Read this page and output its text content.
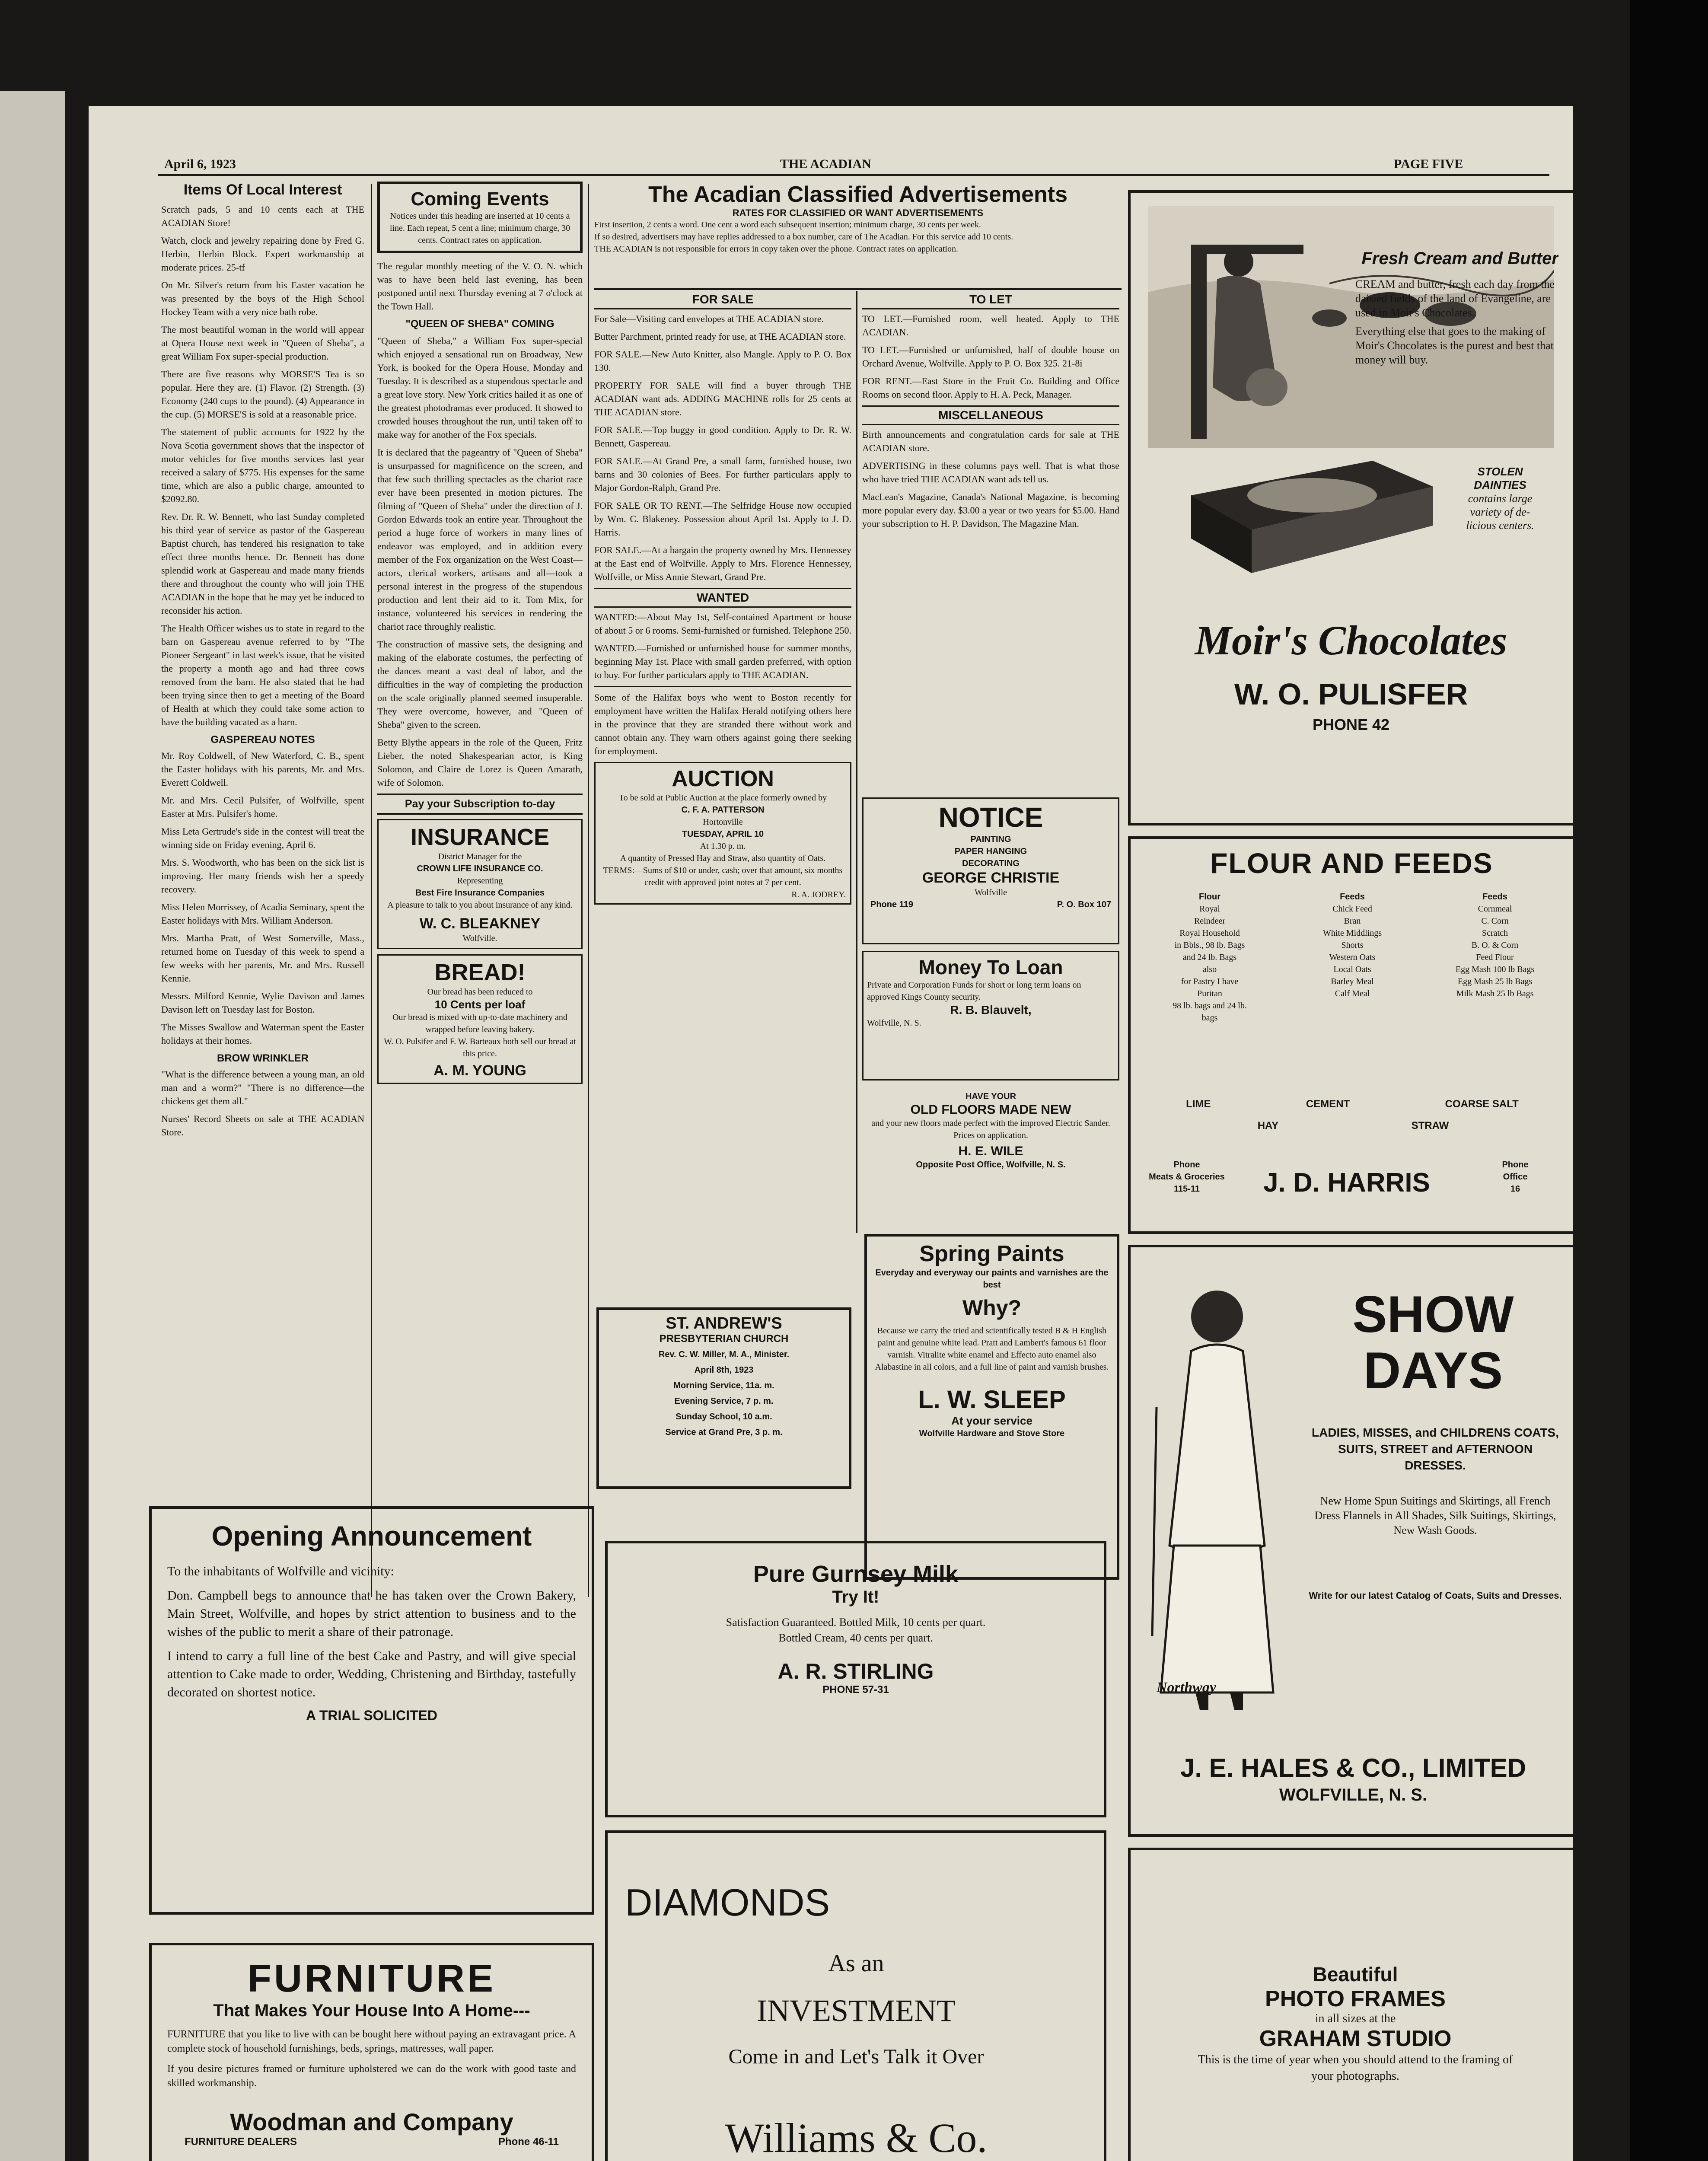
April 6, 1923	THE ACADIAN	PAGE FIVE
Items Of Local Interest

Scratch pads, 5 and 10 cents each at THE ACADIAN Store!

Watch, clock and jewelry repairing done by Fred G. Herbin, Herbin Block. Expert workmanship at moderate prices. 25-tf

On Mr. Silver's return from his Easter vacation he was presented by the boys of the High School Hockey Team with a very nice bath robe.

The most beautiful woman in the world will appear at Opera House next week in "Queen of Sheba", a great William Fox super-special production.

There are five reasons why MORSE'S Tea is so popular. Here they are. (1) Flavor. (2) Strength. (3) Economy (240 cups to the pound). (4) Appearance in the cup. (5) MORSE'S is sold at a reasonable price.

The statement of public accounts for 1922 by the Nova Scotia government shows that the inspector of motor vehicles for five months services last year received a salary of $775. His expenses for the same time, which are also a public charge, amounted to $2092.80.

Rev. Dr. R. W. Bennett, who last Sunday completed his third year of service as pastor of the Gaspereau Baptist church, has tendered his resignation to take effect three months hence. Dr. Bennett has done splendid work at Gaspereau and made many friends there and throughout the county who will join THE ACADIAN in the hope that he may yet be induced to reconsider his action.

The Health Officer wishes us to state in regard to the barn on Gaspereau avenue referred to by "The Pioneer Sergeant" in last week's issue, that he visited the property a month ago and had three cows removed from the barn. He also stated that he had been trying since then to get a meeting of the Board of Health at which they could take some action to have the building vacated as a barn.

GASPEREAU NOTES

Mr. Roy Coldwell, of New Waterford, C. B., spent the Easter holidays with his parents, Mr. and Mrs. Everett Coldwell.

Mr. and Mrs. Cecil Pulsifer, of Wolfville, spent Easter at Mrs. Pulsifer's home.

Miss Leta Gertrude's side in the contest will treat the winning side on Friday evening, April 6.

Mrs. S. Woodworth, who has been on the sick list is improving. Her many friends wish her a speedy recovery.

Miss Helen Morrissey, of Acadia Seminary, spent the Easter holidays with Mrs. William Anderson.

Mrs. Martha Pratt, of West Somerville, Mass., returned home on Tuesday of this week to spend a few weeks with her parents, Mr. and Mrs. Russell Kennie.

Messrs. Milford Kennie, Wylie Davison and James Davison left on Tuesday last for Boston.

The Misses Swallow and Waterman spent the Easter holidays at their homes.

BROW WRINKLER

"What is the difference between a young man, an old man and a worm?" "There is no difference—the chickens get them all."

Nurses' Record Sheets on sale at THE ACADIAN Store.

Coming Events
Notices under this heading are inserted at 10 cents a line. Each repeat, 5 cent a line; minimum charge, 30 cents. Contract rates on application.

The regular monthly meeting of the V. O. N. which was to have been held last evening, has been postponed until next Thursday evening at 7 o'clock at the Town Hall.

"QUEEN OF SHEBA" COMING

"Queen of Sheba," a William Fox super-special which enjoyed a sensational run on Broadway, New York, is booked for the Opera House, Monday and Tuesday. It is described as a stupendous spectacle and a great love story. New York critics hailed it as one of the greatest photodramas ever produced. It showed to crowded houses throughout the run, until taken off to make way for another of the Fox specials.

It is declared that the pageantry of "Queen of Sheba" is unsurpassed for magnificence on the screen, and that few such thrilling spectacles as the chariot race ever have been presented in motion pictures. The filming of "Queen of Sheba" under the direction of J. Gordon Edwards took an entire year. Throughout the period a huge force of workers in many lines of endeavor was employed, and in addition every member of the Fox organization on the West Coast—actors, clerical workers, artisans and all—took a personal interest in the progress of the stupendous production and lent their aid to it. Tom Mix, for instance, volunteered his services in rendering the chariot race throughly realistic.

The construction of massive sets, the designing and making of the elaborate costumes, the perfecting of the dances meant a vast deal of labor, and the difficulties in the way of completing the production on the scale originally planned seemed insuperable. They were overcome, however, and "Queen of Sheba" given to the screen.

Betty Blythe appears in the role of the Queen, Fritz Lieber, the noted Shakespearian actor, is King Solomon, and Claire de Lorez is Queen Amarath, wife of Solomon.

Pay your Subscription to-day
INSURANCE
District Manager for the
CROWN LIFE INSURANCE CO.
Representing
Best Fire Insurance Companies
A pleasure to talk to you about insurance of any kind.
W. C. BLEAKNEY
Wolfville.
BREAD!
Our bread has been reduced to
10 Cents per loaf
Our bread is mixed with up-to-date machinery and wrapped before leaving bakery.
W. O. Pulsifer and F. W. Barteaux both sell our bread at this price.
A. M. YOUNG
The Acadian Classified Advertisements
RATES FOR CLASSIFIED OR WANT ADVERTISEMENTS
First insertion, 2 cents a word. One cent a word each subsequent insertion; minimum charge, 30 cents per week.
If so desired, advertisers may have replies addressed to a box number, care of The Acadian. For this service add 10 cents.
THE ACADIAN is not responsible for errors in copy taken over the phone. Contract rates on application.
FOR SALE

For Sale—Visiting card envelopes at THE ACADIAN store.

Butter Parchment, printed ready for use, at THE ACADIAN store.

FOR SALE.—New Auto Knitter, also Mangle. Apply to P. O. Box 130.

PROPERTY FOR SALE will find a buyer through THE ACADIAN want ads. ADDING MACHINE rolls for 25 cents at THE ACADIAN store.

FOR SALE.—Top buggy in good condition. Apply to Dr. R. W. Bennett, Gaspereau.

FOR SALE.—At Grand Pre, a small farm, furnished house, two barns and 30 colonies of Bees. For further particulars apply to Major Gordon-Ralph, Grand Pre.

FOR SALE OR TO RENT.—The Selfridge House now occupied by Wm. C. Blakeney. Possession about April 1st. Apply to J. D. Harris.

FOR SALE.—At a bargain the property owned by Mrs. Hennessey at the East end of Wolfville. Apply to Mrs. Florence Hennessey, Wolfville, or Miss Annie Stewart, Grand Pre.

WANTED

WANTED:—About May 1st, Self-contained Apartment or house of about 5 or 6 rooms. Semi-furnished or furnished. Telephone 250.

WANTED.—Furnished or unfurnished house for summer months, beginning May 1st. Place with small garden preferred, with option to buy. For further particulars apply to THE ACADIAN.

Some of the Halifax boys who went to Boston recently for employment have written the Halifax Herald notifying others here in the province that they are stranded there without work and cannot obtain any. They warn others against going there seeking for employment.

AUCTION
To be sold at Public Auction at the place formerly owned by
C. F. A. PATTERSON
Hortonville
TUESDAY, APRIL 10
At 1.30 p. m.
A quantity of Pressed Hay and Straw, also quantity of Oats.
TERMS:—Sums of $10 or under, cash; over that amount, six months credit with approved joint notes at 7 per cent.
R. A. JODREY.
ST. ANDREW'S
PRESBYTERIAN CHURCH
Rev. C. W. Miller, M. A., Minister.
April 8th, 1923
Morning Service, 11a. m.
Evening Service, 7 p. m.
Sunday School, 10 a.m.
Service at Grand Pre, 3 p. m.
TO LET

TO LET.—Furnished room, well heated. Apply to THE ACADIAN.

TO LET.—Furnished or unfurnished, half of double house on Orchard Avenue, Wolfville. Apply to P. O. Box 325. 21-8i

FOR RENT.—East Store in the Fruit Co. Building and Office Rooms on second floor. Apply to H. A. Peck, Manager.

MISCELLANEOUS

Birth announcements and congratulation cards for sale at THE ACADIAN store.

ADVERTISING in these columns pays well. That is what those who have tried THE ACADIAN want ads tell us.

MacLean's Magazine, Canada's National Magazine, is becoming more popular every day. $3.00 a year or two years for $5.00. Hand your subscription to H. P. Davidson, The Magazine Man.

NOTICE
PAINTING
PAPER HANGING
DECORATING
GEORGE CHRISTIE
Wolfville
Phone 119	P. O. Box 107
Money To Loan
Private and Corporation Funds for short or long term loans on approved Kings County security.
R. B. Blauvelt,
Wolfville, N. S.
HAVE YOUR
OLD FLOORS MADE NEW
and your new floors made perfect with the improved Electric Sander. Prices on application.
H. E. WILE
Opposite Post Office, Wolfville, N. S.
Spring Paints
Everyday and everyway our paints and varnishes are the best
Why?
Because we carry the tried and scientifically tested B & H English paint and genuine white lead. Pratt and Lambert's famous 61 floor varnish. Vitralite white enamel and Effecto auto enamel also Alabastine in all colors, and a full line of paint and varnish brushes.
L. W. SLEEP
At your service
Wolfville Hardware and Stove Store
Fresh Cream and Butter
CREAM and butter, fresh each day from the daisied fields of the land of Evangeline, are used in Moir's Chocolates.
Everything else that goes to the making of Moir's Chocolates is the purest and best that money will buy.
STOLEN
DAINTIES
contains large
variety of de-
licious centers.
Moir's Chocolates
W. O. PULISFER
PHONE 42
FLOUR AND FEEDS
Flour
Royal
Reindeer
Royal Household
in Bbls., 98 lb. Bags
and 24 lb. Bags
also
for Pastry I have
Puritan
98 lb. bags and 24 lb.
bags
Feeds
Chick Feed
Bran
White Middlings
Shorts
Western Oats
Local Oats
Barley Meal
Calf Meal
Feeds
Cornmeal
C. Corn
Scratch
B. O. & Corn
Feed Flour
Egg Mash 100 lb Bags
Egg Mash 25 lb Bags
Milk Mash 25 lb Bags
LIME	CEMENT	COARSE SALT
HAY	STRAW
Phone
Meats & Groceries
115-11	J. D. HARRIS
Phone
Office
16
Northway
SHOW
DAYS
LADIES, MISSES, and CHILDRENS COATS, SUITS, STREET and AFTERNOON DRESSES.
New Home Spun Suitings and Skirtings, all French Dress Flannels in All Shades, Silk Suitings, Skirtings, New Wash Goods.
Write for our latest Catalog of Coats, Suits and Dresses.
J. E. HALES & CO., LIMITED
WOLFVILLE, N. S.
Beautiful
PHOTO FRAMES
in all sizes at the
GRAHAM STUDIO
This is the time of year when you should attend to the framing of your photographs.
Opening Announcement

To the inhabitants of Wolfville and vicinity:

Don. Campbell begs to announce that he has taken over the Crown Bakery, Main Street, Wolfville, and hopes by strict attention to business and to the wishes of the public to merit a share of their patronage.

I intend to carry a full line of the best Cake and Pastry, and will give special attention to Cake made to order, Wedding, Christening and Birthday, tastefully decorated on shortest notice.

A TRIAL SOLICITED
FURNITURE
That Makes Your House Into A Home---
FURNITURE that you like to live with can be bought here without paying an extravagant price. A complete stock of household furnishings, beds, springs, mattresses, wall paper.
If you desire pictures framed or furniture upholstered we can do the work with good taste and skilled workmanship.
Woodman and Company
FURNITURE DEALERS	Phone 46-11
Pure Gurnsey Milk
Try It!
Satisfaction Guaranteed. Bottled Milk, 10 cents per quart.
Bottled Cream, 40 cents per quart.
A. R. STIRLING
PHONE 57-31
DIAMONDS
As an
INVESTMENT
Come in and Let's Talk it Over
Williams & Co.
